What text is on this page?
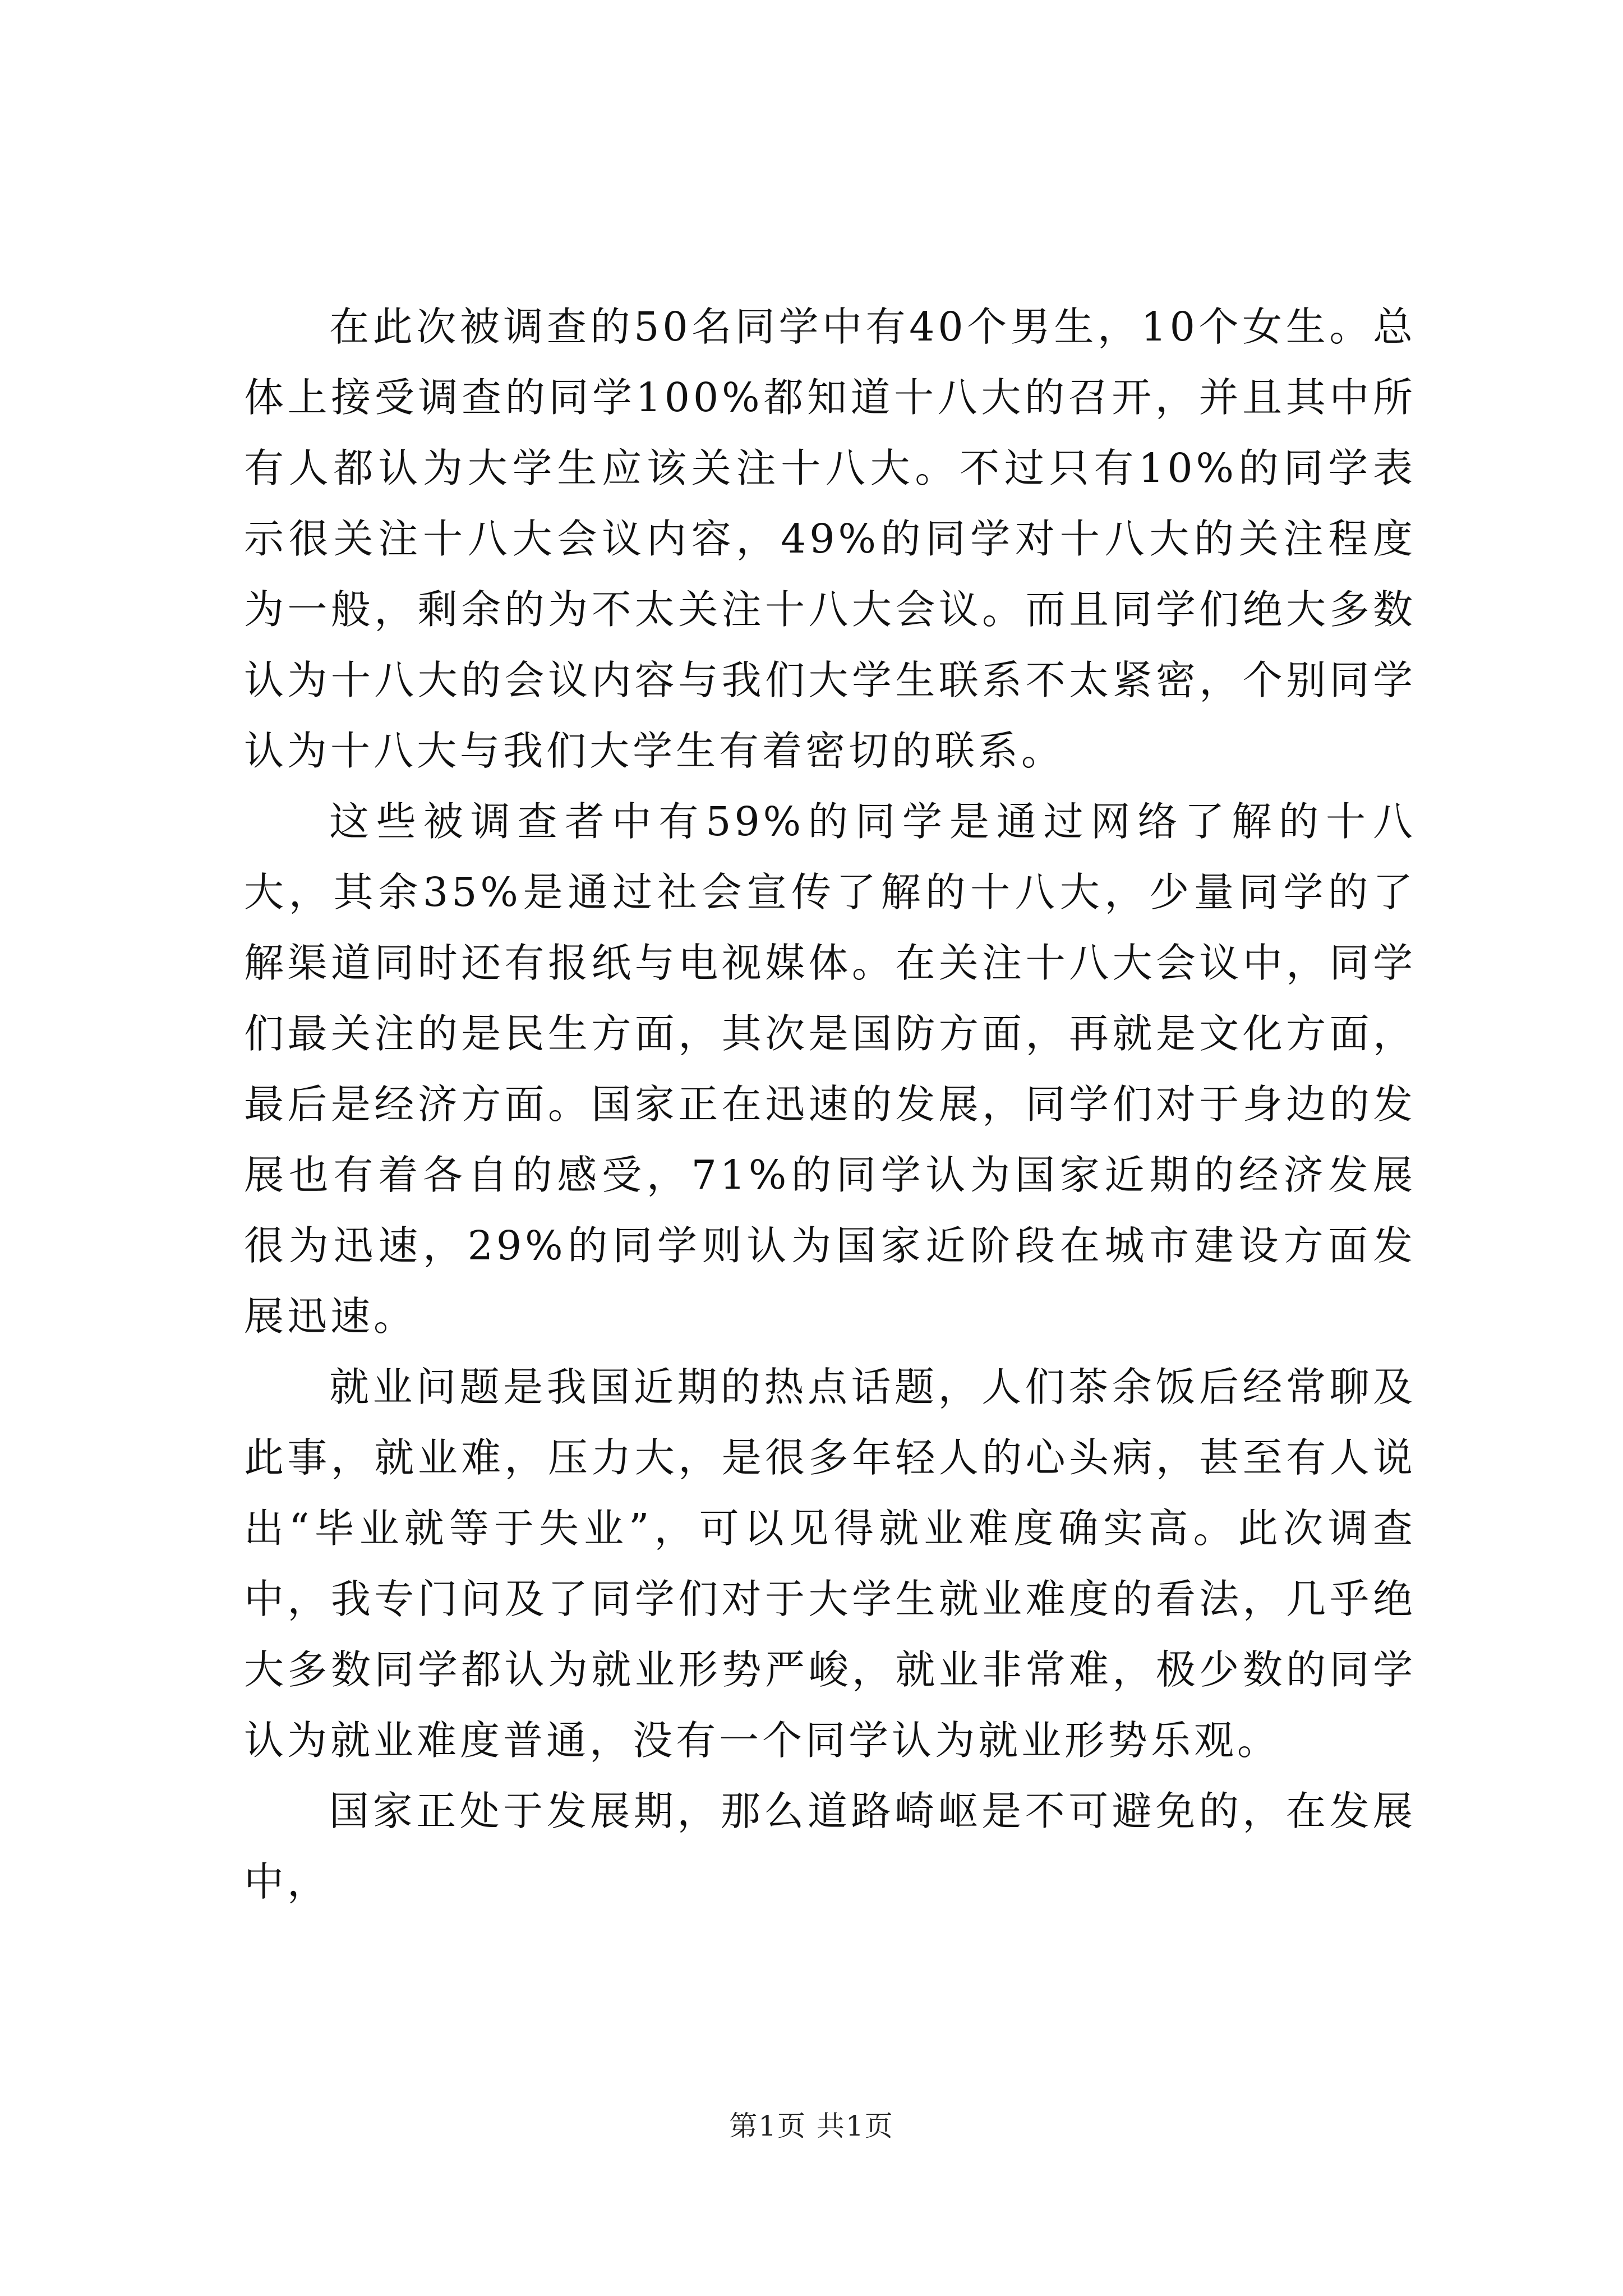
在此次被调查的50名同学中有40个男生，10个女生。总体上接受调查的同学100%都知道十八大的召开，并且其中所有人都认为大学生应该关注十八大。不过只有10%的同学表示很关注十八大会议内容，49%的同学对十八大的关注程度为一般，剩余的为不太关注十八大会议。而且同学们绝大多数认为十八大的会议内容与我们大学生联系不太紧密，个别同学认为十八大与我们大学生有着密切的联系。

这些被调查者中有59%的同学是通过网络了解的十八大，其余35%是通过社会宣传了解的十八大，少量同学的了解渠道同时还有报纸与电视媒体。在关注十八大会议中，同学们最关注的是民生方面，其次是国防方面，再就是文化方面，最后是经济方面。国家正在迅速的发展，同学们对于身边的发展也有着各自的感受，71%的同学认为国家近期的经济发展很为迅速，29%的同学则认为国家近阶段在城市建设方面发展迅速。

就业问题是我国近期的热点话题，人们茶余饭后经常聊及此事，就业难，压力大，是很多年轻人的心头病，甚至有人说出“毕业就等于失业”，可以见得就业难度确实高。此次调查中，我专门问及了同学们对于大学生就业难度的看法，几乎绝大多数同学都认为就业形势严峻，就业非常难，极少数的同学认为就业难度普通，没有一个同学认为就业形势乐观。

国家正处于发展期，那么道路崎岖是不可避免的，在发展中，

第1页 共1页
